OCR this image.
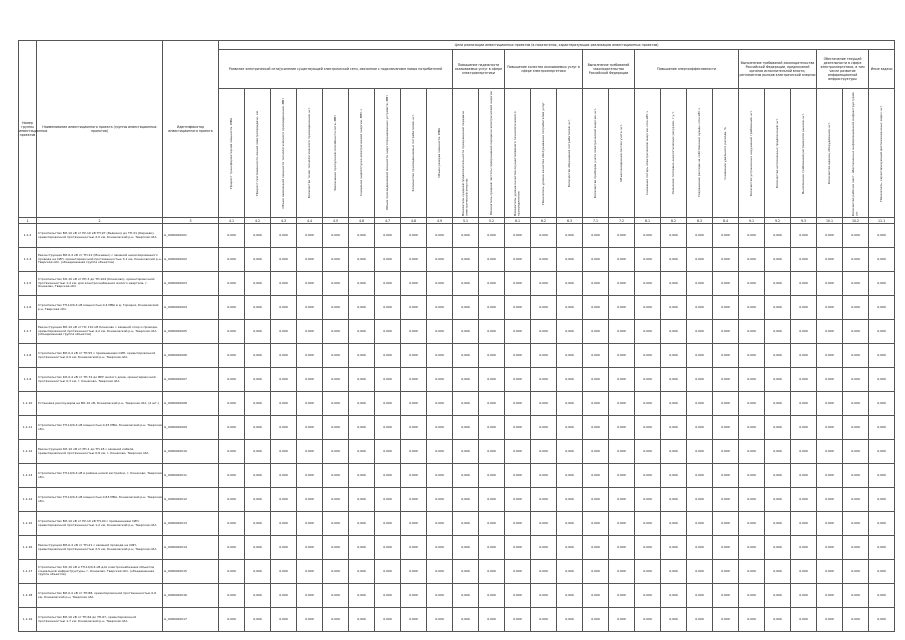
Номер группы инвестиционных проектов	Наименование инвестиционного проекта (группы инвестиционных проектов)	Идентификатор инвестиционного проекта	Цели реализации инвестиционных проектов (в показателях, характеризующих реализацию инвестиционных проектов)																									
			Развитие электрической сети/усиление существующей электрической сети, связанное с подключением новых потребителей									Повышение надежности оказываемых услуг в сфере электроэнергетики		Повышение качества оказываемых услуг в сфере электроэнергетики			Выполнение требований законодательства Российской Федерации		Повышение энергоэффективности				Выполнение требований законодательства Российской Федерации, предписаний органов исполнительной власти, регламентов рынков электрической энергии			Обеспечение текущей деятельности в сфере электроэнергетики, в том числе развитие информационной инфраструктуры		Иные задачи

			Прирост трансформаторной мощности, МВА	Прирост протяженности линий электропередачи, км	Объем заявленной мощности технологического присоединения, МВт	Количество точек технологического присоединения, шт.	Увеличение пропускной способности сети, МВт	Снижение недоотпуска электрической энергии, МВт·ч	Объем присоединяемой мощности энергопринимающих устройств, МВт	Количество присоединяемых потребителей, шт.	Объем резерва мощности, МВА	Показатель средней продолжительности прекращений передачи электрической энергии	Показатель средней частоты прекращений передачи электрической энергии	Показатель уровня качества осуществляемого технологического присоединения	Показатель уровня качества обслуживания потребителей услуг	Количество обращений потребителей, шт.	Количество приборов учета электрической энергии, шт.	Объем внедрения систем учета, шт.	Снижение потерь электрической энергии, млн кВт·ч	Экономия топливно-энергетических ресурсов, т у.т.	Сокращение расхода на собственные нужды, млн кВт·ч	Снижение удельного расхода, %	Количество устраненных нарушений требований, шт.	Количество исполненных предписаний, шт.	Выполнение требований регламентов рынков, шт.	Количество единиц оборудования, шт.	Количество рабочих мест, обеспеченных информационной инфраструктурой, шт.	Показатель, характеризующий достижение иных задач, шт.

1	2	3	4.1	4.2	4.3	4.4	4.5	4.6	4.7	4.8	4.9	5.1	5.2	6.1	6.2	6.3	7.1	7.2	8.1	8.2	8.3	8.4	9.1	9.2	9.3	10.1	10.2	11.1
1.1.2	Строительство ВЛ-10 кВ от РУ-10 кВ ТП-97 (Редкино) до ТП-31 (Киреево), ориентировочной протяженностью 2,0 км, Конаковский р-н, Тверская обл.	G_0000000001	0,000	0,000	0,000	0,000	0,000	0,000	0,000	0,000	0,000	0,000	0,000	0,000	0,000	0,000	0,000	0,000	0,000	0,000	0,000	0,000	0,000	0,000	0,000	0,000	0,000	0,000
1.1.4	Реконструкция ВЛ-0,4 кВ от ТП-12 (Мокшино) с заменой неизолированного провода на СИП, ориентировочной протяженностью 3,1 км, Конаковский р-н, Тверская обл. (объединенная группа объектов)	G_0000000002	0,000	0,000	0,000	0,000	0,000	0,000	0,000	0,000	0,000	0,000	0,000	0,000	0,000	0,000	0,000	0,000	0,000	0,000	0,000	0,000	0,000	0,000	0,000	0,000	0,000	0,000
1.1.5	Строительство КЛ-10 кВ от РП-3 до ТП-104 (Конаково), ориентировочной протяженностью 1,4 км, для электроснабжения жилого квартала, г. Конаково, Тверская обл.	G_0000000003	0,000	0,000	0,000	0,000	0,000	0,000	0,000	0,000	0,000	0,000	0,000	0,000	0,000	0,000	0,000	0,000	0,000	0,000	0,000	0,000	0,000	0,000	0,000	0,000	0,000	0,000
1.1.6	Строительство ТП-10/0,4 кВ мощностью 0,4 МВА в д. Городня, Конаковский р-н, Тверская обл.	G_0000000004	0,000	0,000	0,000	0,000	0,000	0,000	0,000	0,000	0,000	0,000	0,000	0,000	0,000	0,000	0,000	0,000	0,000	0,000	0,000	0,000	0,000	0,000	0,000	0,000	0,000	0,000
1.1.7	Реконструкция ВЛ-10 кВ от ПС 110 кВ Конаково с заменой опор и провода, ориентировочной протяженностью 4,2 км, Конаковский р-н, Тверская обл. (объединенная группа объектов)	G_0000000005	0,000	0,000	0,000	0,000	0,000	0,000	0,000	0,000	0,000	0,000	0,000	0,000	0,000	0,000	0,000	0,000	0,000	0,000	0,000	0,000	0,000	0,000	0,000	0,000	0,000	0,000
1.1.8	Строительство ВЛ-0,4 кВ от ТП-55 с применением СИП, ориентировочной протяженностью 0,9 км, Конаковский р-н, Тверская обл.	G_0000000006	0,000	0,000	0,000	0,000	0,000	0,000	0,000	0,000	0,000	0,000	0,000	0,000	0,000	0,000	0,000	0,000	0,000	0,000	0,000	0,000	0,000	0,000	0,000	0,000	0,000	0,000
1.1.9	Строительство КЛ-0,4 кВ от ТП-72 до ВРУ жилого дома, ориентировочной протяженностью 0,3 км, г. Конаково, Тверская обл.	G_0000000007	0,000	0,000	0,000	0,000	0,000	0,000	0,000	0,000	0,000	0,000	0,000	0,000	0,000	0,000	0,000	0,000	0,000	0,000	0,000	0,000	0,000	0,000	0,000	0,000	0,000	0,000
1.1.10	Установка реклоузеров на ВЛ-10 кВ, Конаковский р-н, Тверская обл. (2 шт.)	G_0000000008	0,000	0,000	0,000	0,000	0,000	0,000	0,000	0,000	0,000	0,000	0,000	0,000	0,000	0,000	0,000	0,000	0,000	0,000	0,000	0,000	0,000	0,000	0,000	0,000	0,000	0,000
1.1.11	Строительство ТП-10/0,4 кВ мощностью 0,25 МВА, Конаковский р-н, Тверская обл.	G_0000000009	0,000	0,000	0,000	0,000	0,000	0,000	0,000	0,000	0,000	0,000	0,000	0,000	0,000	0,000	0,000	0,000	0,000	0,000	0,000	0,000	0,000	0,000	0,000	0,000	0,000	0,000
1.1.12	Реконструкция КЛ-10 кВ от РП-1 до ТП-18 с заменой кабеля, ориентировочной протяженностью 0,8 км, г. Конаково, Тверская обл.	G_0000000010	0,000	0,000	0,000	0,000	0,000	0,000	0,000	0,000	0,000	0,000	0,000	0,000	0,000	0,000	0,000	0,000	0,000	0,000	0,000	0,000	0,000	0,000	0,000	0,000	0,000	0,000
1.1.13	Строительство ТП-10/0,4 кВ в районе новой застройки, г. Конаково, Тверская обл.	G_0000000011	0,000	0,000	0,000	0,000	0,000	0,000	0,000	0,000	0,000	0,000	0,000	0,000	0,000	0,000	0,000	0,000	0,000	0,000	0,000	0,000	0,000	0,000	0,000	0,000	0,000	0,000
1.1.14	Строительство ТП-10/0,4 кВ мощностью 0,63 МВА, Конаковский р-н, Тверская обл.	G_0000000012	0,000	0,000	0,000	0,000	0,000	0,000	0,000	0,000	0,000	0,000	0,000	0,000	0,000	0,000	0,000	0,000	0,000	0,000	0,000	0,000	0,000	0,000	0,000	0,000	0,000	0,000
1.1.15	Строительство ВЛ-10 кВ от РУ-10 кВ ТП-40 с применением СИП, ориентировочной протяженностью 1,2 км, Конаковский р-н, Тверская обл.	G_0000000013	0,000	0,000	0,000	0,000	0,000	0,000	0,000	0,000	0,000	0,000	0,000	0,000	0,000	0,000	0,000	0,000	0,000	0,000	0,000	0,000	0,000	0,000	0,000	0,000	0,000	0,000
1.1.16	Реконструкция ВЛ-0,4 кВ от ТП-21 с заменой провода на СИП, ориентировочной протяженностью 2,5 км, Конаковский р-н, Тверская обл.	G_0000000014	0,000	0,000	0,000	0,000	0,000	0,000	0,000	0,000	0,000	0,000	0,000	0,000	0,000	0,000	0,000	0,000	0,000	0,000	0,000	0,000	0,000	0,000	0,000	0,000	0,000	0,000
1.1.17	Строительство КЛ-10 кВ и ТП-10/0,4 кВ для электроснабжения объектов социальной инфраструктуры, г. Конаково, Тверская обл. (объединенная группа объектов)	G_0000000015	0,000	0,000	0,000	0,000	0,000	0,000	0,000	0,000	0,000	0,000	0,000	0,000	0,000	0,000	0,000	0,000	0,000	0,000	0,000	0,000	0,000	0,000	0,000	0,000	0,000	0,000
1.1.18	Строительство ВЛ-0,4 кВ от ТП-88, ориентировочной протяженностью 0,6 км, Конаковский р-н, Тверская обл.	G_0000000016	0,000	0,000	0,000	0,000	0,000	0,000	0,000	0,000	0,000	0,000	0,000	0,000	0,000	0,000	0,000	0,000	0,000	0,000	0,000	0,000	0,000	0,000	0,000	0,000	0,000	0,000
1.1.19	Строительство ВЛ-10 кВ от ТП-64 до ТП-67, ориентировочной протяженностью 1,7 км, Конаковский р-н, Тверская обл.	G_0000000017	0,000	0,000	0,000	0,000	0,000	0,000	0,000	0,000	0,000	0,000	0,000	0,000	0,000	0,000	0,000	0,000	0,000	0,000	0,000	0,000	0,000	0,000	0,000	0,000	0,000	0,000
